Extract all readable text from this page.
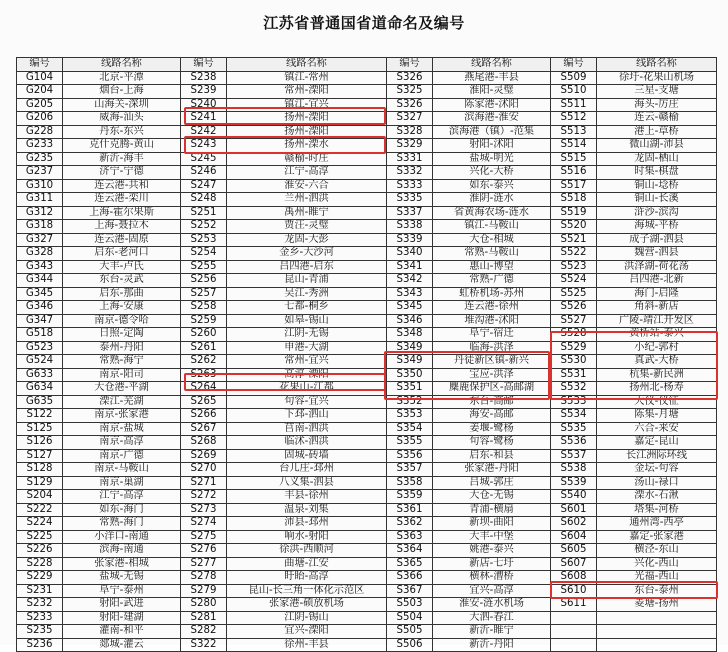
江苏省普通国省道命名及编号
编号	线路名称	编号	线路名称	编号	线路名称	编号	线路名称
G104	北京-平潭	S238	镇江-常州	S326	燕尾港-丰县	S509	徐圩-花果山机场
G204	烟台-上海	S239	常州-溧阳	S325	淮阳-灵璧	S510	三星-支塘
G205	山海关-深圳	S240	镇江-宜兴	S326	陈家港-沭阳	S511	海头-厉庄
G206	威海-汕头	S241	扬州-溧阳	S327	滨海港-淮安	S512	连云-赣榆
G228	丹东-东兴	S242	扬州-溧阳	S328	滨海港（镇）-范集	S513	港上-草桥
G233	克什克腾-黄山	S243	扬州-溧水	S329	射阳-沭阳	S514	微山湖-沛县
G235	新沂-海丰	S245	赣榆-时庄	S331	盐城-明光	S515	龙固-栖山
G237	济宁-宁德	S246	江宁-高淳	S332	兴化-大桥	S516	时集-棋盘
G310	连云港-共和	S247	淮安-六合	S333	如东-泰兴	S517	铜山-埝桥
G311	连云港-栾川	S248	兰州-泗洪	S335	淮阴-涟水	S518	铜山-长溪
G312	上海-霍尔果斯	S251	禹州-睢宁	S337	省黄海农场-涟水	S519	浒沙-滨沟
G318	上海-聂拉木	S252	贾汪-灵璧	S338	镇江-马鞍山	S520	海城-平桥
G327	连云港-固原	S253	龙固-大彭	S339	大仓-相城	S521	成子湖-泗县
G328	启东-老河口	S254	金乡-大沙河	S340	常熟-马鞍山	S522	魏营-泗县
G343	大丰-卢氏	S255	吕四港-启东	S341	惠山-博望	S523	洪泽湖-荷花荡
G344	东台-灵武	S256	昆山-青浦	S342	常熟-广德	S524	吕四港-北新
G345	启东-那曲	S257	吴江-秀洲	S343	虹桥机场-苏州	S525	海门-启隆
G346	上海-安康	S258	七都-桐乡	S345	连云港-徐州	S526	角斜-新店
G347	南京-德令哈	S259	如皋-锡山	S346	堆沟港-沭阳	S527	广陵-靖江开发区
G518	日照-定陶	S260	江阴-无锡	S348	阜宁-宿迁	S528	黄桥站-泰兴
G523	泰州-丹阳	S261	申港-大湖	S349	临海-洪泽	S529	小纪-郭村
G524	常熟-海宁	S262	常州-宜兴	S349	丹徒新区镇-新兴	S530	真武-大桥
G633	南京-阳司	S263	高淳-溧阳	S350	宝应-洪泽	S531	杭集-新民洲
G634	大仓港-平湖	S264	花果山-江都	S351	麋鹿保护区-高邮湖	S532	扬州北-杨寿
G635	溧江-芜湖	S265	句容-宜兴	S352	东台-高邮	S533	大仪-仪征
S122	南京-张家港	S266	下邳-泗山	S353	海安-高邮	S534	陈集-月塘
S125	南京-盐城	S267	苢南-泗洪	S354	姜堰-鹭杨	S535	六合-来安
S126	南京-高淳	S268	临沭-泗洪	S355	句容-鹭杨	S536	嘉定-昆山
S127	南京-广德	S269	固城-砖墙	S356	启东-和县	S537	长江洲际环线
S128	南京-马鞍山	S270	台儿庄-邳州	S357	张家港-丹阳	S538	金坛-句容
S129	南京-巢湖	S271	八义集-泗县	S358	吕城-郭庄	S539	汤山-禄口
S204	江宁-高淳	S272	丰县-徐州	S359	大仓-无锡	S540	溧水-石湫
S222	如东-海门	S273	温泉-刘集	S361	青浦-横扇	S601	塔集-河桥
S224	常熟-海门	S274	沛县-邳州	S362	新坝-曲阳	S602	通州湾-西亭
S225	小洋口-南通	S275	响水-射阳	S363	大丰-中堡	S604	嘉定-张家港
S226	滨海-南通	S276	徐洪-西顺河	S364	姚港-泰兴	S605	横泾-东山
S228	张家港-相城	S277	曲塘-江安	S365	新店-七圩	S607	兴化-西山
S229	盐城-无锡	S278	盱眙-高淳	S366	横林-漕桥	S608	光福-西山
S231	阜宁-泰州	S279	昆山-长三角一体化示范区	S367	宜兴-高淳	S610	东台-泰州
S232	射阳-武进	S280	张家港-硕放机场	S503	淮安-涟水机场	S611	菱塘-扬州
S233	射阳-建湖	S281	江阴-锡山	S504	大泗-春江		
S235	灌南-和平	S282	宜兴-溧阳	S505	新沂-睢宁		
S236	郯城-灌云	S322	徐州-丰县	S506	新沂-丹阳		
